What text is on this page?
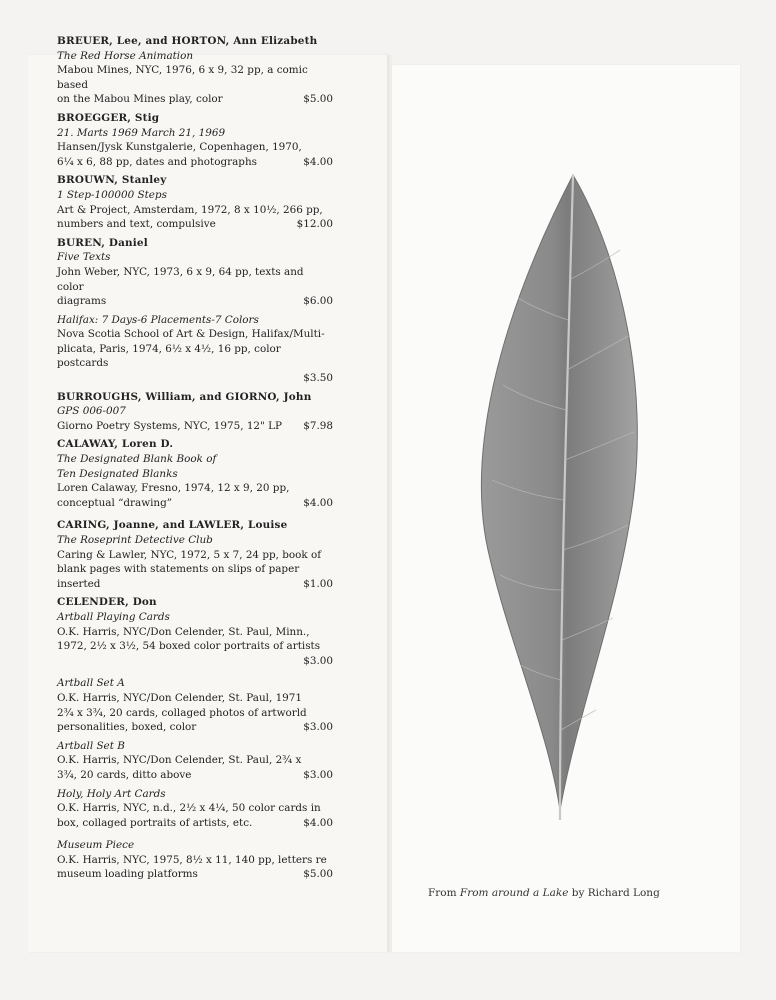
BREUER, Lee, and HORTON, Ann Elizabeth
The Red Horse Animation
Mabou Mines, NYC, 1976, 6 x 9, 32 pp, a comic based
on the Mabou Mines play, color	$5.00
BROEGGER, Stig
21. Marts 1969 March 21, 1969
Hansen/Jysk Kunstgalerie, Copenhagen, 1970,
6¼ x 6, 88 pp, dates and photographs	$4.00
BROUWN, Stanley
1 Step-100000 Steps
Art & Project, Amsterdam, 1972, 8 x 10½, 266 pp,
numbers and text, compulsive	$12.00
BUREN, Daniel
Five Texts
John Weber, NYC, 1973, 6 x 9, 64 pp, texts and color
diagrams	$6.00
Halifax: 7 Days-6 Placements-7 Colors
Nova Scotia School of Art & Design, Halifax/Multi-
plicata, Paris, 1974, 6½ x 4½, 16 pp, color postcards
$3.50
BURROUGHS, William, and GIORNO, John
GPS 006-007
Giorno Poetry Systems, NYC, 1975, 12" LP	$7.98
CALAWAY, Loren D.
The Designated Blank Book of
Ten Designated Blanks
Loren Calaway, Fresno, 1974, 12 x 9, 20 pp,
conceptual “drawing”	$4.00
CARING, Joanne, and LAWLER, Louise
The Roseprint Detective Club
Caring & Lawler, NYC, 1972, 5 x 7, 24 pp, book of
blank pages with statements on slips of paper
inserted	$1.00
CELENDER, Don
Artball Playing Cards
O.K. Harris, NYC/Don Celender, St. Paul, Minn.,
1972, 2½ x 3½, 54 boxed color portraits of artists
$3.00
Artball Set A
O.K. Harris, NYC/Don Celender, St. Paul, 1971
2¾ x 3¾, 20 cards, collaged photos of artworld
personalities, boxed, color	$3.00
Artball Set B
O.K. Harris, NYC/Don Celender, St. Paul, 2¾ x
3¾, 20 cards, ditto above	$3.00
Holy, Holy Art Cards
O.K. Harris, NYC, n.d., 2½ x 4¼, 50 color cards in
box, collaged portraits of artists, etc.	$4.00
Museum Piece
O.K. Harris, NYC, 1975, 8½ x 11, 140 pp, letters re
museum loading platforms	$5.00
From From around a Lake by Richard Long
